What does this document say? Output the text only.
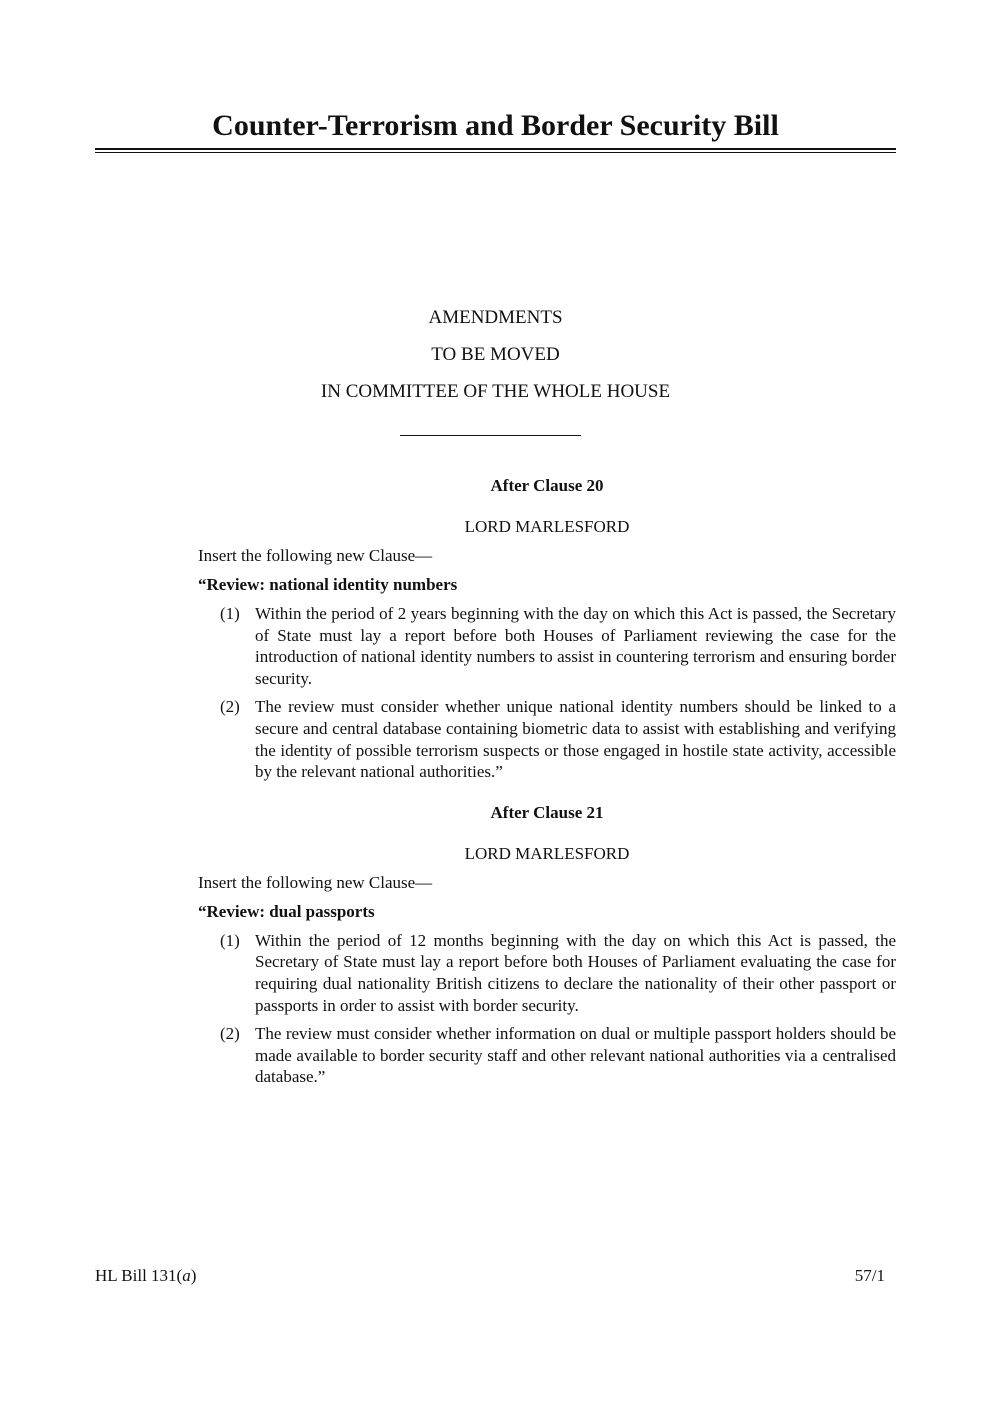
Counter-Terrorism and Border Security Bill
AMENDMENTS
TO BE MOVED
IN COMMITTEE OF THE WHOLE HOUSE
After Clause 20
LORD MARLESFORD
Insert the following new Clause—
“Review: national identity numbers
(1) Within the period of 2 years beginning with the day on which this Act is passed, the Secretary of State must lay a report before both Houses of Parliament reviewing the case for the introduction of national identity numbers to assist in countering terrorism and ensuring border security.
(2) The review must consider whether unique national identity numbers should be linked to a secure and central database containing biometric data to assist with establishing and verifying the identity of possible terrorism suspects or those engaged in hostile state activity, accessible by the relevant national authorities.”
After Clause 21
LORD MARLESFORD
Insert the following new Clause—
“Review: dual passports
(1) Within the period of 12 months beginning with the day on which this Act is passed, the Secretary of State must lay a report before both Houses of Parliament evaluating the case for requiring dual nationality British citizens to declare the nationality of their other passport or passports in order to assist with border security.
(2) The review must consider whether information on dual or multiple passport holders should be made available to border security staff and other relevant national authorities via a centralised database.”
HL Bill 131(a)	57/1
